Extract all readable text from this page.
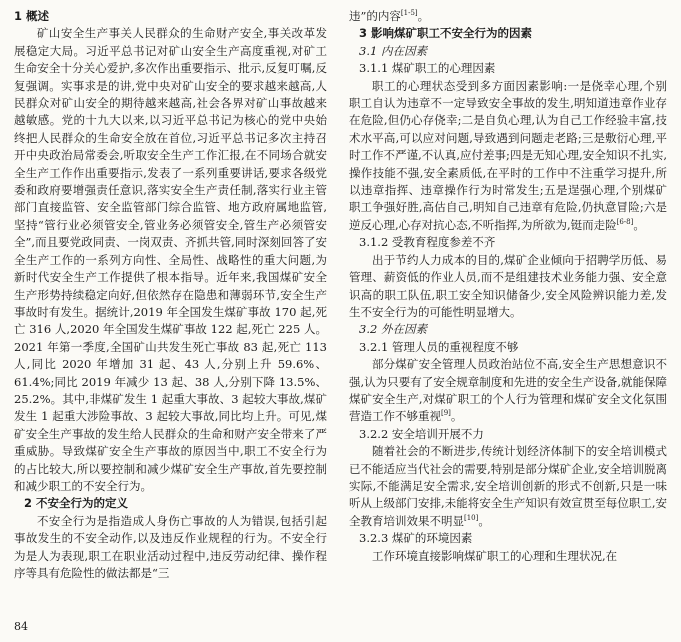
1 概述

矿山安全生产事关人民群众的生命财产安全,事关改革发展稳定大局。习近平总书记对矿山安全生产高度重视,对矿工生命安全十分关心爱护,多次作出重要指示、批示,反复叮嘱,反复强调。实事求是的讲,党中央对矿山安全的要求越来越高,人民群众对矿山安全的期待越来越高,社会各界对矿山事故越来越敏感。党的十九大以来,以习近平总书记为核心的党中央始终把人民群众的生命安全放在首位,习近平总书记多次主持召开中央政治局常委会,听取安全生产工作汇报,在不同场合就安全生产工作作出重要指示,发表了一系列重要讲话,要求各级党委和政府要增强责任意识,落实安全生产责任制,落实行业主管部门直接监管、安全监管部门综合监管、地方政府属地监管,坚持“管行业必须管安全,管业务必须管安全,管生产必须管安全”,而且要党政同责、一岗双责、齐抓共管,同时深刻回答了安全生产工作的一系列方向性、全局性、战略性的重大问题,为新时代安全生产工作提供了根本指导。近年来,我国煤矿安全生产形势持续稳定向好,但依然存在隐患和薄弱环节,安全生产事故时有发生。据统计,2019 年全国发生煤矿事故 170 起,死亡 316 人,2020 年全国发生煤矿事故 122 起,死亡 225 人。2021 年第一季度,全国矿山共发生死亡事故 83 起,死亡 113 人,同比 2020 年增加 31 起、43 人,分别上升 59.6%、61.4%;同比 2019 年减少 13 起、38 人,分别下降 13.5%、25.2%。其中,非煤矿发生 1 起重大事故、3 起较大事故,煤矿发生 1 起重大涉险事故、3 起较大事故,同比均上升。可见,煤矿安全生产事故的发生给人民群众的生命和财产安全带来了严重威胁。导致煤矿安全生产事故的原因当中,职工不安全行为的占比较大,所以要控制和减少煤矿安全生产事故,首先要控制和减少职工的不安全行为。

2 不安全行为的定义

不安全行为是指造成人身伤亡事故的人为错误,包括引起事故发生的不安全动作,以及违反作业规程的行为。不安全行为是人为表现,职工在职业活动过程中,违反劳动纪律、操作程序等具有危险性的做法都是“三

违”的内容[1-5]。

3 影响煤矿职工不安全行为的因素
3.1 内在因素
3.1.1 煤矿职工的心理因素

职工的心理状态受到多方面因素影响:一是侥幸心理,个别职工自认为违章不一定导致安全事故的发生,明知道违章作业存在危险,但仍心存侥幸;二是自负心理,认为自己工作经验丰富,技术水平高,可以应对问题,导致遇到问题走老路;三是敷衍心理,平时工作不严谨,不认真,应付差事;四是无知心理,安全知识不扎实,操作技能不强,安全素质低,在平时的工作中不注重学习提升,所以违章指挥、违章操作行为时常发生;五是逞强心理,个别煤矿职工争强好胜,高估自己,明知自己违章有危险,仍执意冒险;六是逆反心理,心存对抗心态,不听指挥,为所欲为,铤而走险[6-8]。

3.1.2 受教育程度参差不齐

出于节约人力成本的目的,煤矿企业倾向于招聘学历低、易管理、薪资低的作业人员,而不是组建技术业务能力强、安全意识高的职工队伍,职工安全知识储备少,安全风险辨识能力差,发生不安全行为的可能性明显增大。

3.2 外在因素
3.2.1 管理人员的重视程度不够

部分煤矿安全管理人员政治站位不高,安全生产思想意识不强,认为只要有了安全规章制度和先进的安全生产设备,就能保障煤矿安全生产,对煤矿职工的个人行为管理和煤矿安全文化氛围营造工作不够重视[9]。

3.2.2 安全培训开展不力

随着社会的不断进步,传统计划经济体制下的安全培训模式已不能适应当代社会的需要,特别是部分煤矿企业,安全培训脱离实际,不能满足安全需求,安全培训创新的形式不创新,只是一味听从上级部门安排,未能将安全生产知识有效宣贯至每位职工,安全教育培训效果不明显[10]。

3.2.3 煤矿的环境因素

工作环境直接影响煤矿职工的心理和生理状况,在

84
